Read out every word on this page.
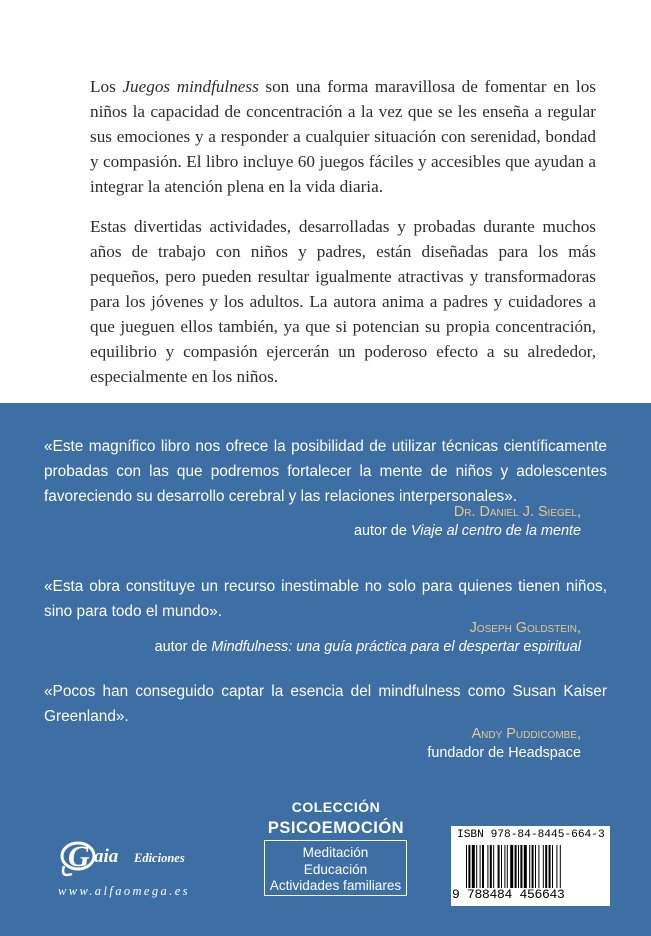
Los Juegos mindfulness son una forma maravillosa de fomentar en los niños la capacidad de concentración a la vez que se les enseña a regular sus emociones y a responder a cualquier situación con serenidad, bondad y compasión. El libro incluye 60 juegos fáciles y accesibles que ayudan a integrar la atención plena en la vida diaria.

Estas divertidas actividades, desarrolladas y probadas durante muchos años de trabajo con niños y padres, están diseñadas para los más pequeños, pero pueden resultar igualmente atractivas y transformadoras para los jóvenes y los adultos. La autora anima a padres y cuidadores a que jueguen ellos también, ya que si potencian su propia concentración, equilibrio y compasión ejercerán un poderoso efecto a su alrededor, especialmente en los niños.

«Este magnífico libro nos ofrece la posibilidad de utilizar técnicas científicamente probadas con las que podremos fortalecer la mente de niños y adolescentes favoreciendo su desarrollo cerebral y las relaciones interpersonales».

Dr. Daniel J. Siegel,
autor de Viaje al centro de la mente

«Esta obra constituye un recurso inestimable no solo para quienes tienen niños, sino para todo el mundo».

Joseph Goldstein,
autor de Mindfulness: una guía práctica para el despertar espiritual

«Pocos han conseguido captar la esencia del mindfulness como Susan Kaiser Greenland».

Andy Puddicombe,
fundador de Headspace
G aia Ediciones
www.alfaomega.es
COLECCIÓN
PSICOEMOCIÓN
Meditación
Educación
Actividades familiares
ISBN 978-84-8445-664-3
9 788484 456643
